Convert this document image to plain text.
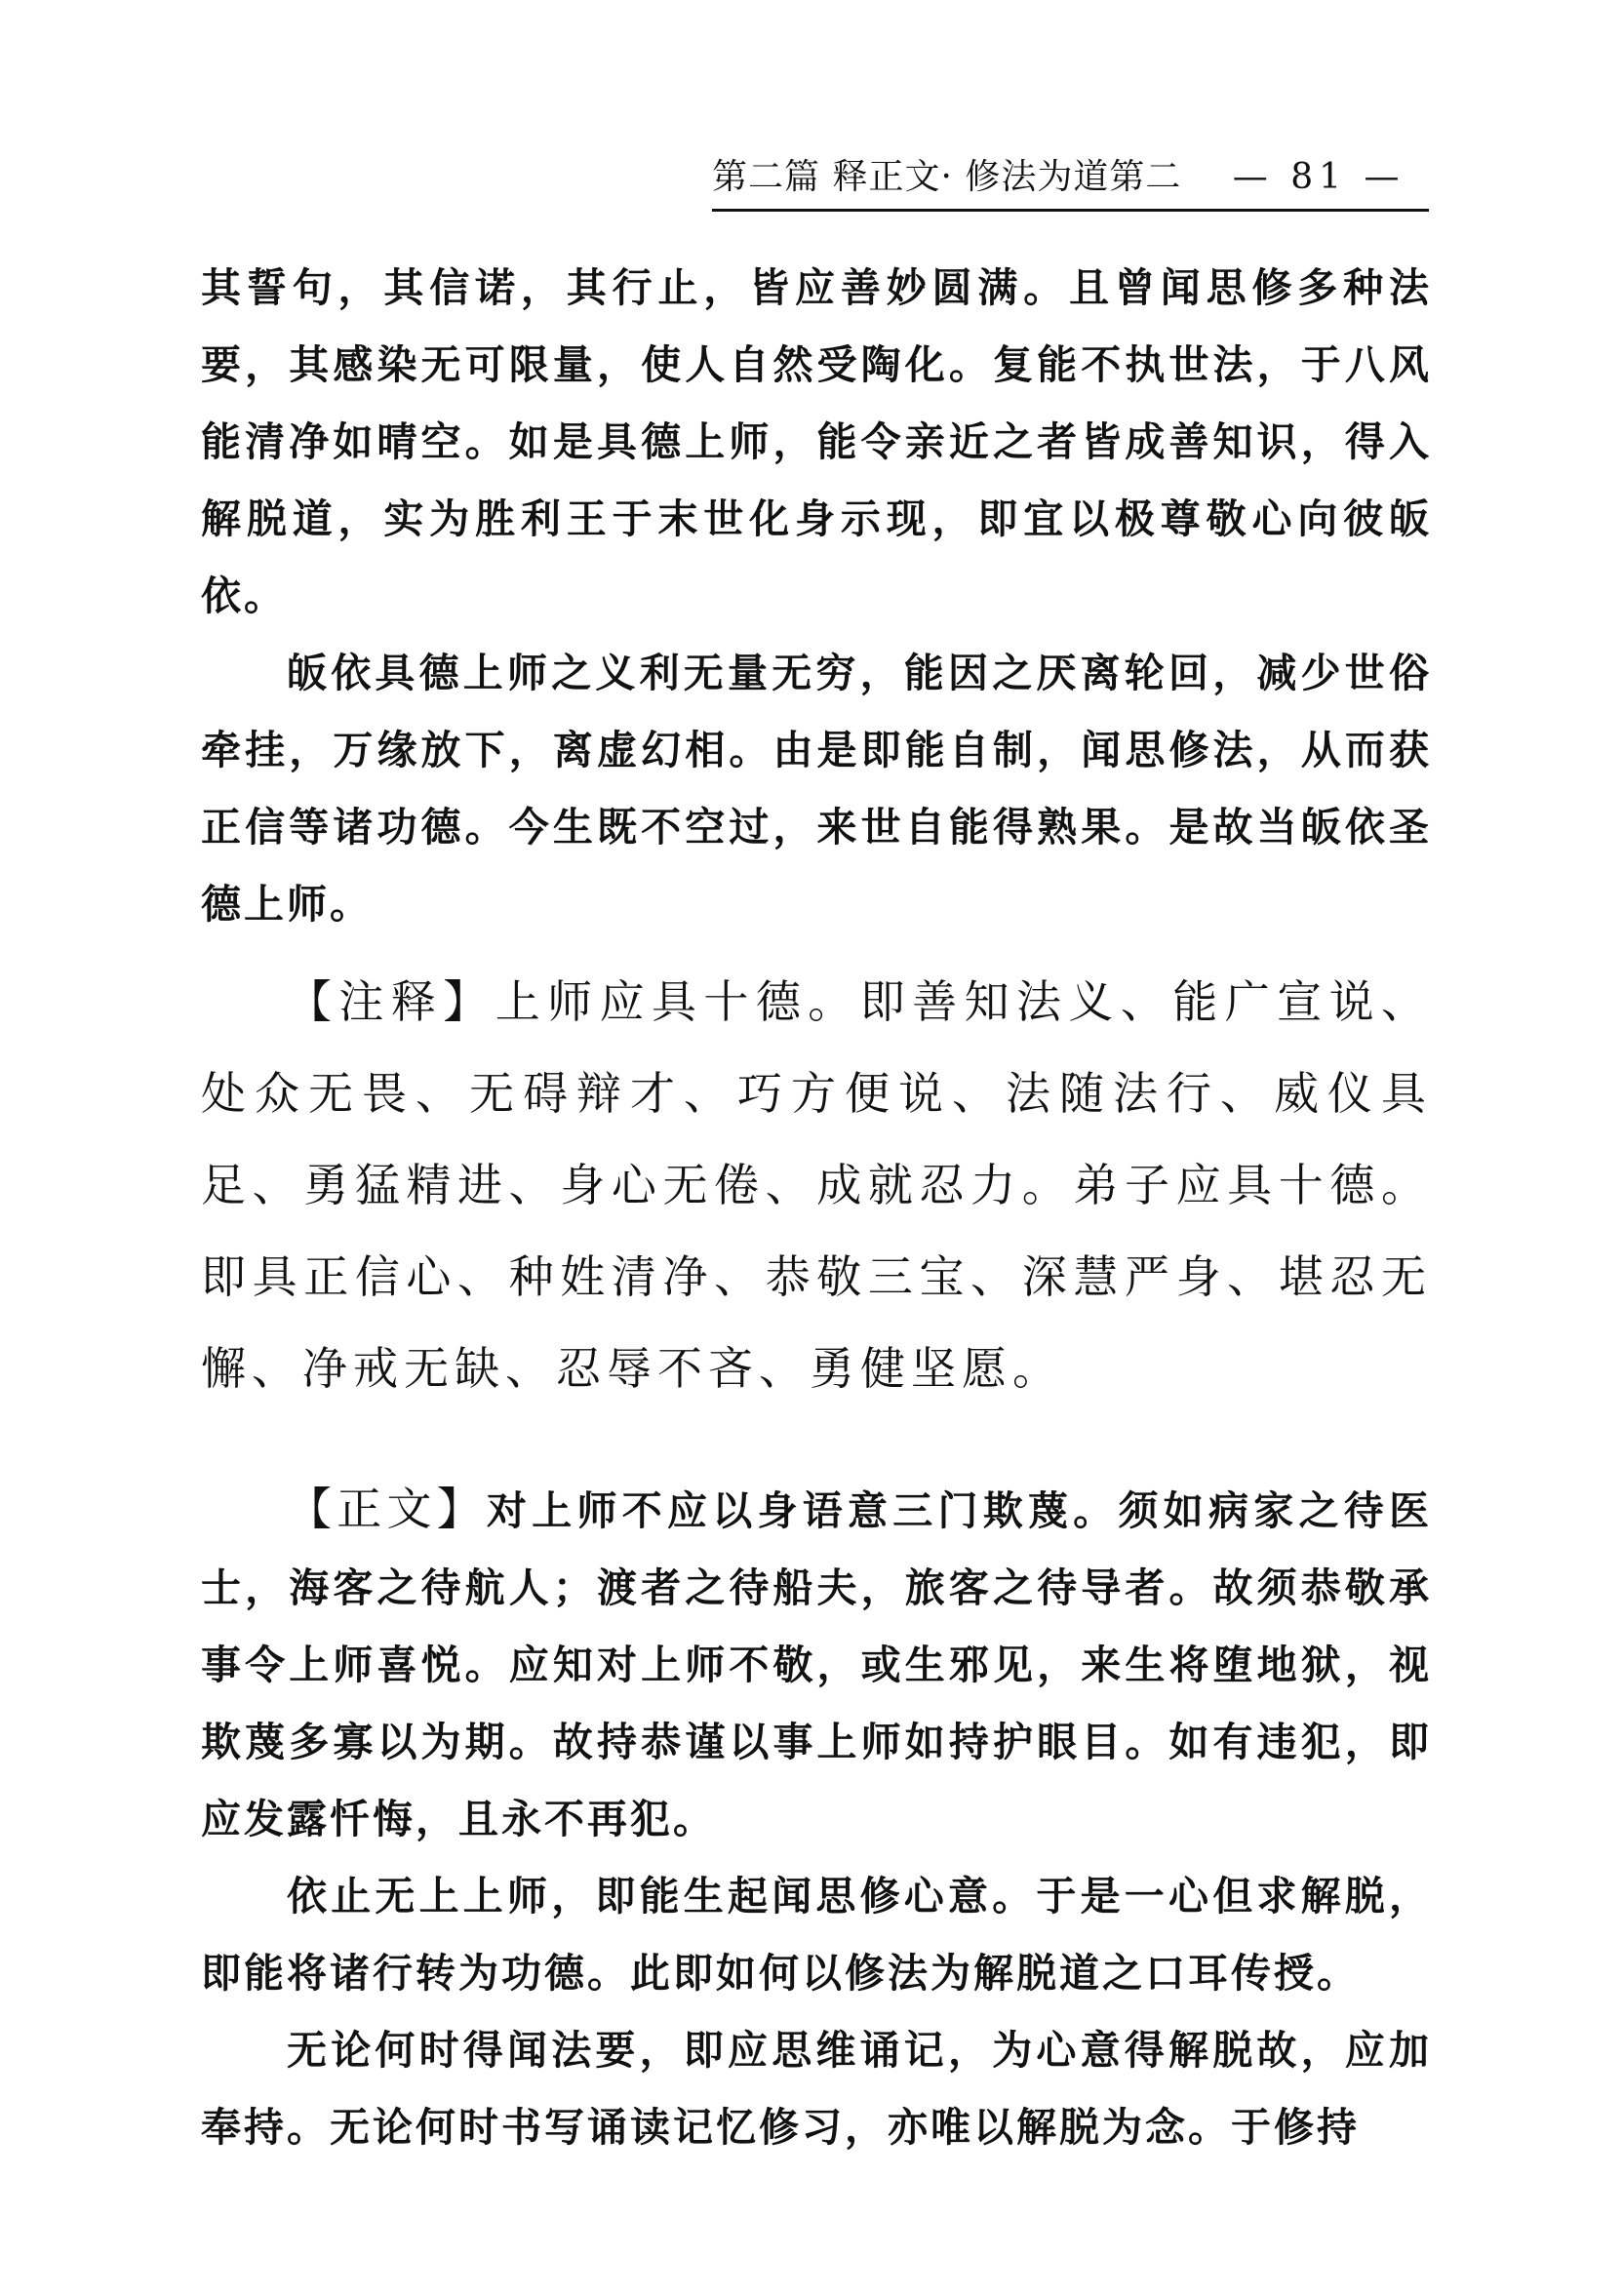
第二篇 释正文· 修法为道第二 — 81 —

其誓句，其信诺，其行止，皆应善妙圆满。且曾闻思修多种法要，其感染无可限量，使人自然受陶化。复能不执世法，于八风能清净如晴空。如是具德上师，能令亲近之者皆成善知识，得入解脱道，实为胜利王于末世化身示现，即宜以极尊敬心向彼皈依。

皈依具德上师之义利无量无穷，能因之厌离轮回，减少世俗牵挂，万缘放下，离虚幻相。由是即能自制，闻思修法，从而获正信等诸功德。今生既不空过，来世自能得熟果。是故当皈依圣德上师。

【注释】上师应具十德。即善知法义、能广宣说、处众无畏、无碍辩才、巧方便说、法随法行、威仪具足、勇猛精进、身心无倦、成就忍力。弟子应具十德。即具正信心、种姓清净、恭敬三宝、深慧严身、堪忍无懈、净戒无缺、忍辱不吝、勇健坚愿。

【正文】对上师不应以身语意三门欺蔑。须如病家之待医士，海客之待航人；渡者之待船夫，旅客之待导者。故须恭敬承事令上师喜悦。应知对上师不敬，或生邪见，来生将堕地狱，视欺蔑多寡以为期。故持恭谨以事上师如持护眼目。如有违犯，即应发露忏悔，且永不再犯。

依止无上上师，即能生起闻思修心意。于是一心但求解脱，即能将诸行转为功德。此即如何以修法为解脱道之口耳传授。

无论何时得闻法要，即应思维诵记，为心意得解脱故，应加奉持。无论何时书写诵读记忆修习，亦唯以解脱为念。于修持
